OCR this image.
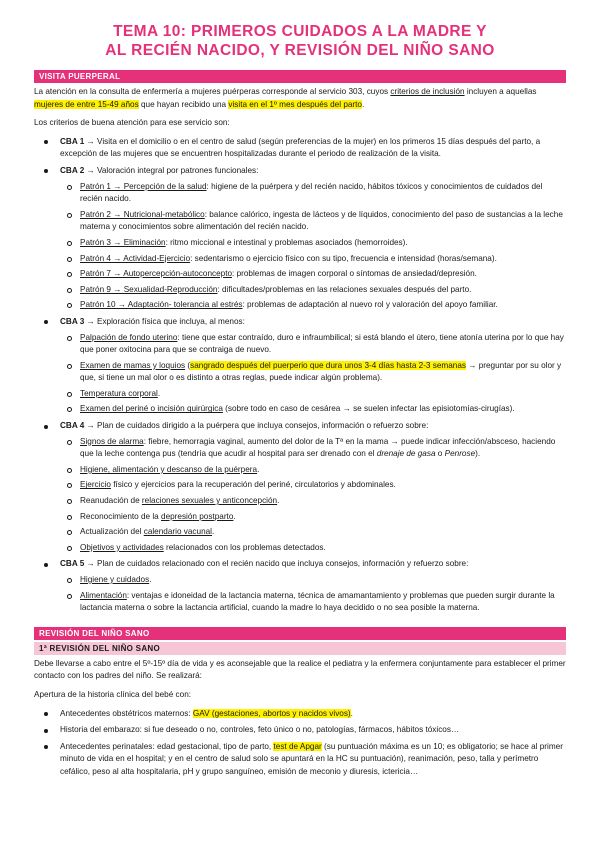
TEMA 10: PRIMEROS CUIDADOS A LA MADRE Y
AL RECIÉN NACIDO, Y REVISIÓN DEL NIÑO SANO
VISITA PUERPERAL

La atención en la consulta de enfermería a mujeres puérperas corresponde al servicio 303, cuyos criterios de inclusión incluyen a aquellas mujeres de entre 15-49 años que hayan recibido una visita en el 1º mes después del parto.

Los criterios de buena atención para ese servicio son:

CBA 1 → Visita en el domicilio o en el centro de salud (según preferencias de la mujer) en los primeros 15 días después del parto, a excepción de las mujeres que se encuentren hospitalizadas durante el periodo de realización de la visita.
CBA 2 → Valoración integral por patrones funcionales:
Patrón 1 → Percepción de la salud: higiene de la puérpera y del recién nacido, hábitos tóxicos y conocimientos de cuidados del recién nacido.
Patrón 2 → Nutricional-metabólico: balance calórico, ingesta de lácteos y de líquidos, conocimiento del paso de sustancias a la leche materna y conocimientos sobre alimentación del recién nacido.
Patrón 3 → Eliminación: ritmo miccional e intestinal y problemas asociados (hemorroides).
Patrón 4 → Actividad-Ejercicio: sedentarismo o ejercicio físico con su tipo, frecuencia e intensidad (horas/semana).
Patrón 7 → Autopercepción-autoconcepto: problemas de imagen corporal o síntomas de ansiedad/depresión.
Patrón 9 → Sexualidad-Reproducción: dificultades/problemas en las relaciones sexuales después del parto.
Patrón 10 → Adaptación- tolerancia al estrés: problemas de adaptación al nuevo rol y valoración del apoyo familiar.
CBA 3 → Exploración física que incluya, al menos:
Palpación de fondo uterino: tiene que estar contraído, duro e infraumbilical; si está blando el útero, tiene atonía uterina por lo que hay que poner oxitocina para que se contraiga de nuevo.
Examen de mamas y loquios (sangrado después del puerperio que dura unos 3-4 días hasta 2-3 semanas → preguntar por su olor y que, si tiene un mal olor o es distinto a otras reglas, puede indicar algún problema).
Temperatura corporal.
Examen del periné o incisión quirúrgica (sobre todo en caso de cesárea → se suelen infectar las episiotomías-cirugías).
CBA 4 → Plan de cuidados dirigido a la puérpera que incluya consejos, información o refuerzo sobre:
Signos de alarma: fiebre, hemorragia vaginal, aumento del dolor de la Tª en la mama → puede indicar infección/absceso, haciendo que la leche contenga pus (tendría que acudir al hospital para ser drenado con el drenaje de gasa o Penrose).
Higiene, alimentación y descanso de la puérpera.
Ejercicio físico y ejercicios para la recuperación del periné, circulatorios y abdominales.
Reanudación de relaciones sexuales y anticoncepción.
Reconocimiento de la depresión postparto.
Actualización del calendario vacunal.
Objetivos y actividades relacionados con los problemas detectados.
CBA 5 → Plan de cuidados relacionado con el recién nacido que incluya consejos, información y refuerzo sobre:
Higiene y cuidados.
Alimentación: ventajas e idoneidad de la lactancia materna, técnica de amamantamiento y problemas que pueden surgir durante la lactancia materna o sobre la lactancia artificial, cuando la madre lo haya decidido o no sea posible la materna.
REVISIÓN DEL NIÑO SANO
1ª REVISIÓN DEL NIÑO SANO

Debe llevarse a cabo entre el 5º-15º día de vida y es aconsejable que la realice el pediatra y la enfermera conjuntamente para establecer el primer contacto con los padres del niño. Se realizará:

Apertura de la historia clínica del bebé con:

Antecedentes obstétricos maternos: GAV (gestaciones, abortos y nacidos vivos).
Historia del embarazo: si fue deseado o no, controles, feto único o no, patologías, fármacos, hábitos tóxicos…
Antecedentes perinatales: edad gestacional, tipo de parto, test de Apgar (su puntuación máxima es un 10; es obligatorio; se hace al primer minuto de vida en el hospital; y en el centro de salud solo se apuntará en la HC su puntuación), reanimación, peso, talla y perímetro cefálico, peso al alta hospitalaria, pH y grupo sanguíneo, emisión de meconio y diuresis, ictericia…
